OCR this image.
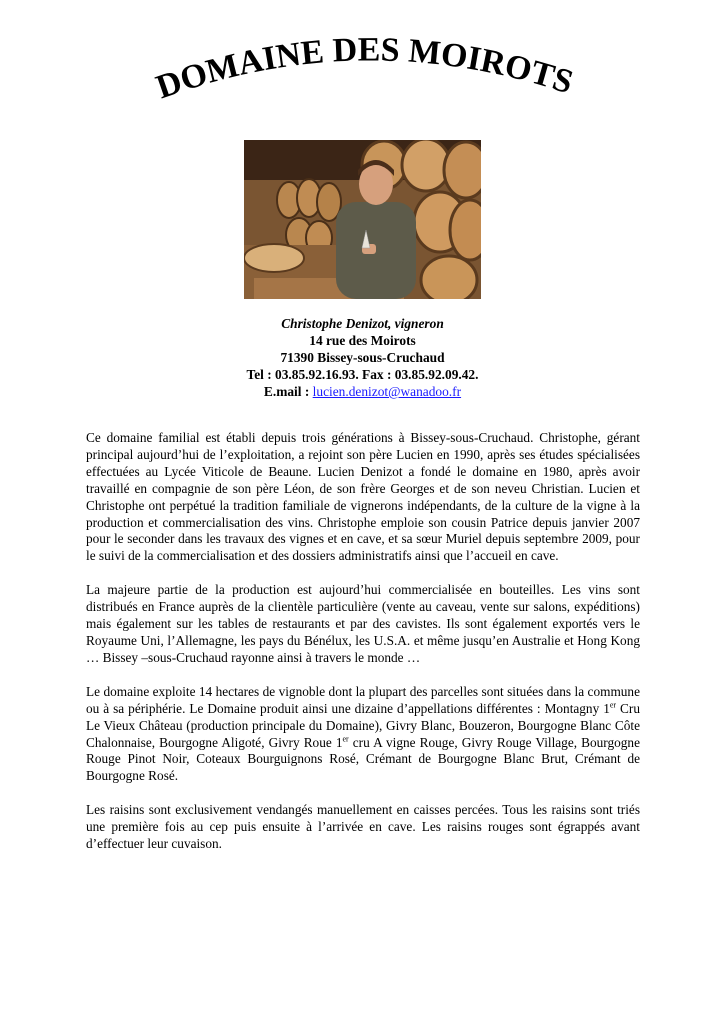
DOMAINE DES MOIROTS
Christophe Denizot, vigneron
14 rue des Moirots
71390 Bissey-sous-Cruchaud
Tel : 03.85.92.16.93. Fax : 03.85.92.09.42.
E.mail : lucien.denizot@wanadoo.fr

Ce domaine familial est établi depuis trois générations à Bissey-sous-Cruchaud. Christophe, gérant principal aujourd’hui de l’exploitation, a rejoint son père Lucien en 1990, après ses études spécialisées effectuées au Lycée Viticole de Beaune. Lucien Denizot a fondé le domaine en 1980, après avoir travaillé en compagnie de son père Léon, de son frère Georges et de son neveu Christian. Lucien et Christophe ont perpétué la tradition familiale de vignerons indépendants, de la culture de la vigne à la production et commercialisation des vins. Christophe emploie son cousin Patrice depuis janvier 2007 pour le seconder dans les travaux des vignes et en cave, et sa sœur Muriel depuis septembre 2009, pour le suivi de la commercialisation et des dossiers administratifs ainsi que l’accueil en cave.

La majeure partie de la production est aujourd’hui commercialisée en bouteilles. Les vins sont distribués en France auprès de la clientèle particulière (vente au caveau, vente sur salons, expéditions) mais également sur les tables de restaurants et par des cavistes. Ils sont également exportés vers le Royaume Uni, l’Allemagne, les pays du Bénélux, les U.S.A. et même jusqu’en Australie et Hong Kong … Bissey –sous-Cruchaud rayonne ainsi à travers le monde …

Le domaine exploite 14 hectares de vignoble dont la plupart des parcelles sont situées dans la commune ou à sa périphérie. Le Domaine produit ainsi une dizaine d’appellations différentes : Montagny 1er Cru Le Vieux Château (production principale du Domaine), Givry Blanc, Bouzeron, Bourgogne Blanc Côte Chalonnaise, Bourgogne Aligoté, Givry Roue 1er cru A vigne Rouge, Givry Rouge Village, Bourgogne Rouge Pinot Noir, Coteaux Bourguignons Rosé, Crémant de Bourgogne Blanc Brut, Crémant de Bourgogne Rosé.

Les raisins sont exclusivement vendangés manuellement en caisses percées. Tous les raisins sont triés une première fois au cep puis ensuite à l’arrivée en cave. Les raisins rouges sont égrappés avant d’effectuer leur cuvaison.
